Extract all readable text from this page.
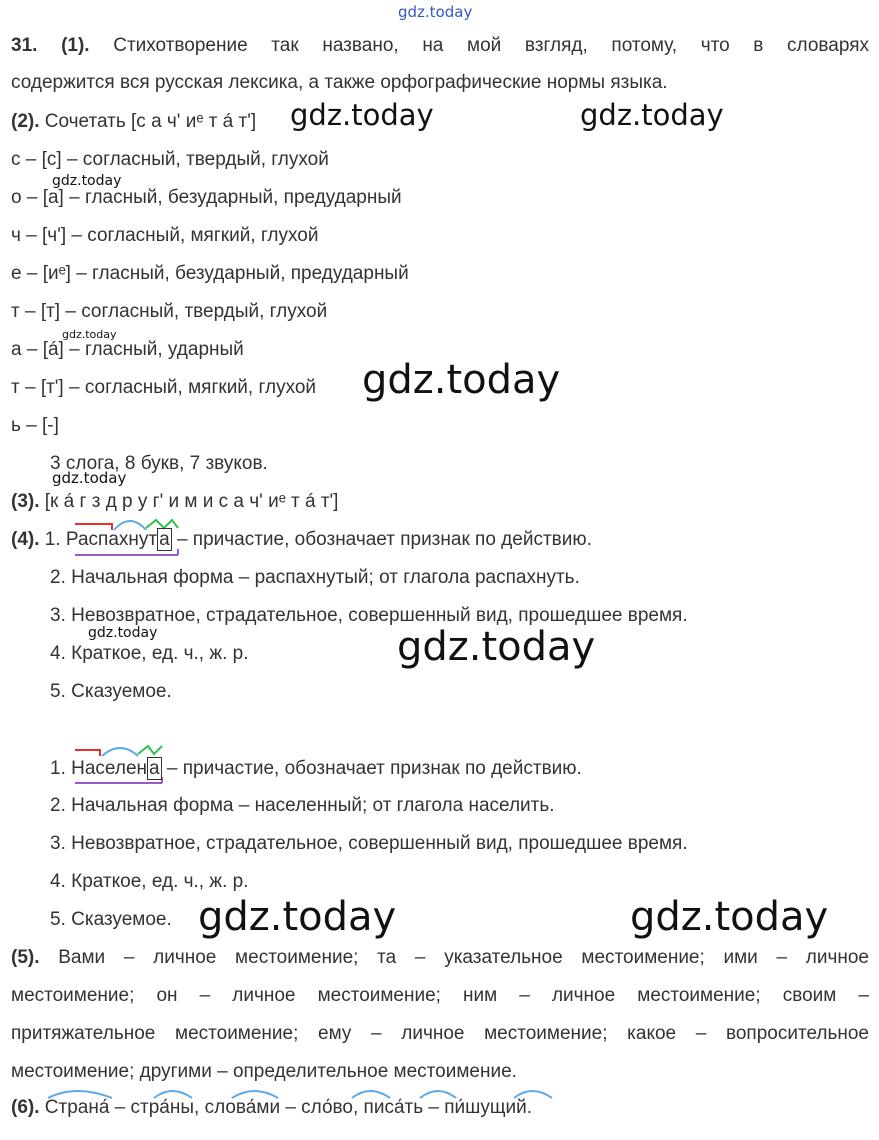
gdz.today
31. (1). Стихотворение так названо, на мой взгляд, потому, что в словарях
содержится вся русская лексика, а также орфографические нормы языка.
(2). Сочетать [с а ч' иᵉ т á т'] gdz.today	gdz.today
с – [с] – согласный, твердый, глухой
gdz.today
о – [а] – гласный, безударный, предударный
ч – [ч'] – согласный, мягкий, глухой
е – [иᵉ] – гласный, безударный, предударный
т – [т] – согласный, твердый, глухой
gdz.today
а – [á] – гласный, ударный
т – [т'] – согласный, мягкий, глухой gdz.today
ь – [-]
3 слога, 8 букв, 7 звуков.
gdz.today
(3). [к á г з д р у г' и м и с а ч' иᵉ т á т']
(4). 1. Распахнут а – причастие, обозначает признак по действию.
2. Начальная форма – распахнутый; от глагола распахнуть.
3. Невозвратное, страдательное, совершенный вид, прошедшее время.
gdz.today
4. Краткое, ед. ч., ж. р.	gdz.today
5. Сказуемое.
1. Населен а – причастие, обозначает признак по действию.
2. Начальная форма – населенный; от глагола населить.
3. Невозвратное, страдательное, совершенный вид, прошедшее время.
4. Краткое, ед. ч., ж. р.
5. Сказуемое. gdz.today	gdz.today
(5). Вами – личное местоимение; та – указательное местоимение; ими – личное
местоимение; он – личное местоимение; ним – личное местоимение; своим –
притяжательное местоимение; ему – личное местоимение; какое – вопросительное
местоимение; другими – определительное местоимение.
(6). Страна́ – стра́ны, слова́ми – сло́во, писа́ть – пи́шущий.
